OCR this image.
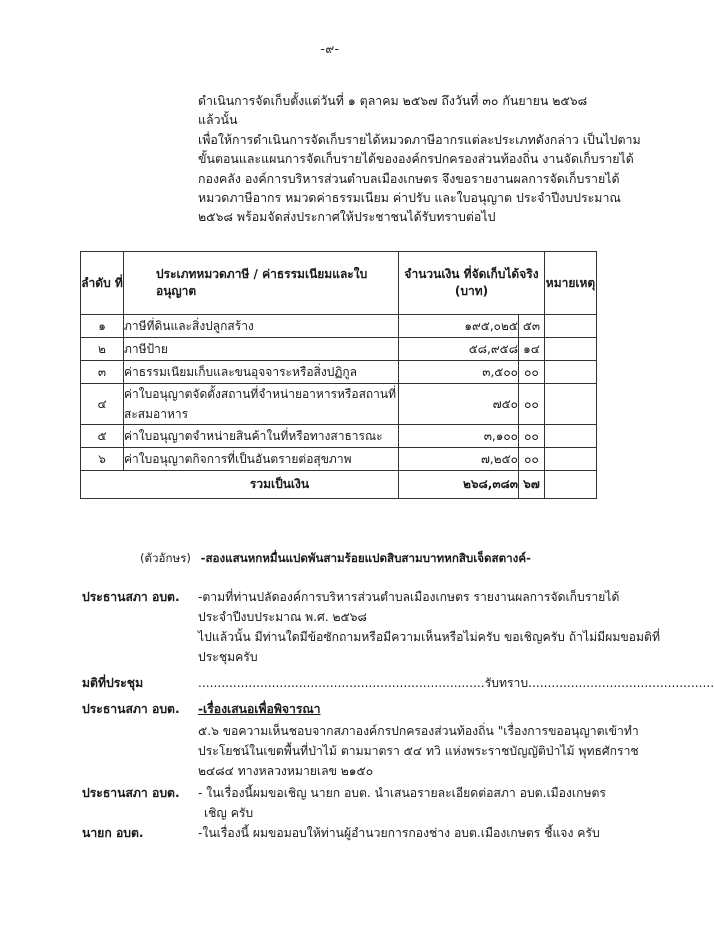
-๙-
ดำเนินการจัดเก็บตั้งแต่วันที่ ๑ ตุลาคม ๒๕๖๗ ถึงวันที่ ๓๐ กันยายน ๒๕๖๘
แล้วนั้น
เพื่อให้การดำเนินการจัดเก็บรายได้หมวดภาษีอากรแต่ละประเภทดังกล่าว เป็นไปตาม
ขั้นตอนและแผนการจัดเก็บรายได้ขององค์กรปกครองส่วนท้องถิ่น งานจัดเก็บรายได้
กองคลัง องค์การบริหารส่วนตำบลเมืองเกษตร จึงขอรายงานผลการจัดเก็บรายได้
หมวดภาษีอากร หมวดค่าธรรมเนียม ค่าปรับ และใบอนุญาต ประจำปีงบประมาณ
๒๕๖๘ พร้อมจัดส่งประกาศให้ประชาชนได้รับทราบต่อไป
ลำดับ ที่	ประเภทหมวดภาษี / ค่าธรรมเนียมและใบอนุญาต	จำนวนเงิน ที่จัดเก็บได้จริง (บาท)		หมายเหตุ
๑	ภาษีที่ดินและสิ่งปลูกสร้าง	๑๙๕,๐๒๕	๕๓	
๒	ภาษีป้าย	๕๘,๙๕๘	๑๔	
๓	ค่าธรรมเนียมเก็บและขนอุจจาระหรือสิ่งปฏิกูล	๓,๕๐๐	๐๐	
๔	ค่าใบอนุญาตจัดตั้งสถานที่จำหน่ายอาหารหรือสถานที่สะสมอาหาร	๗๕๐	๐๐	
๕	ค่าใบอนุญาตจำหน่ายสินค้าในที่หรือทางสาธารณะ	๓,๑๐๐	๐๐	
๖	ค่าใบอนุญาตกิจการที่เป็นอันตรายต่อสุขภาพ	๗,๒๕๐	๐๐	
รวมเป็นเงิน		๒๖๘,๓๘๓	๖๗	
(ตัวอักษร) -สองแสนหกหมื่นแปดพันสามร้อยแปดสิบสามบาทหกสิบเจ็ดสตางค์-
ประธานสภา อบต. -ตามที่ท่านปลัดองค์การบริหารส่วนตำบลเมืองเกษตร รายงานผลการจัดเก็บรายได้
ประจำปีงบประมาณ พ.ศ. ๒๕๖๘
ไปแล้วนั้น มีท่านใดมีข้อซักถามหรือมีความเห็นหรือไม่ครับ ขอเชิญครับ ถ้าไม่มีผมขอมติที่
ประชุมครับ
มติที่ประชุม	..........................................................................รับทราบ................................................
ประธานสภา อบต. -เรื่องเสนอเพื่อพิจารณา
๕.๖ ขอความเห็นชอบจากสภาองค์กรปกครองส่วนท้องถิ่น "เรื่องการขออนุญาตเข้าทำ
ประโยชน์ในเขตพื้นที่ป่าไม้ ตามมาตรา ๕๔ ทวิ แห่งพระราชบัญญัติป่าไม้ พุทธศักราช
๒๔๘๔ ทางหลวงหมายเลข ๒๑๕๐
ประธานสภา อบต. - ในเรื่องนี้ผมขอเชิญ นายก อบต. นำเสนอรายละเอียดต่อสภา อบต.เมืองเกษตร
เชิญ ครับ
นายก อบต.	-ในเรื่องนี้ ผมขอมอบให้ท่านผู้อำนวยการกองช่าง อบต.เมืองเกษตร ชี้แจง ครับ
